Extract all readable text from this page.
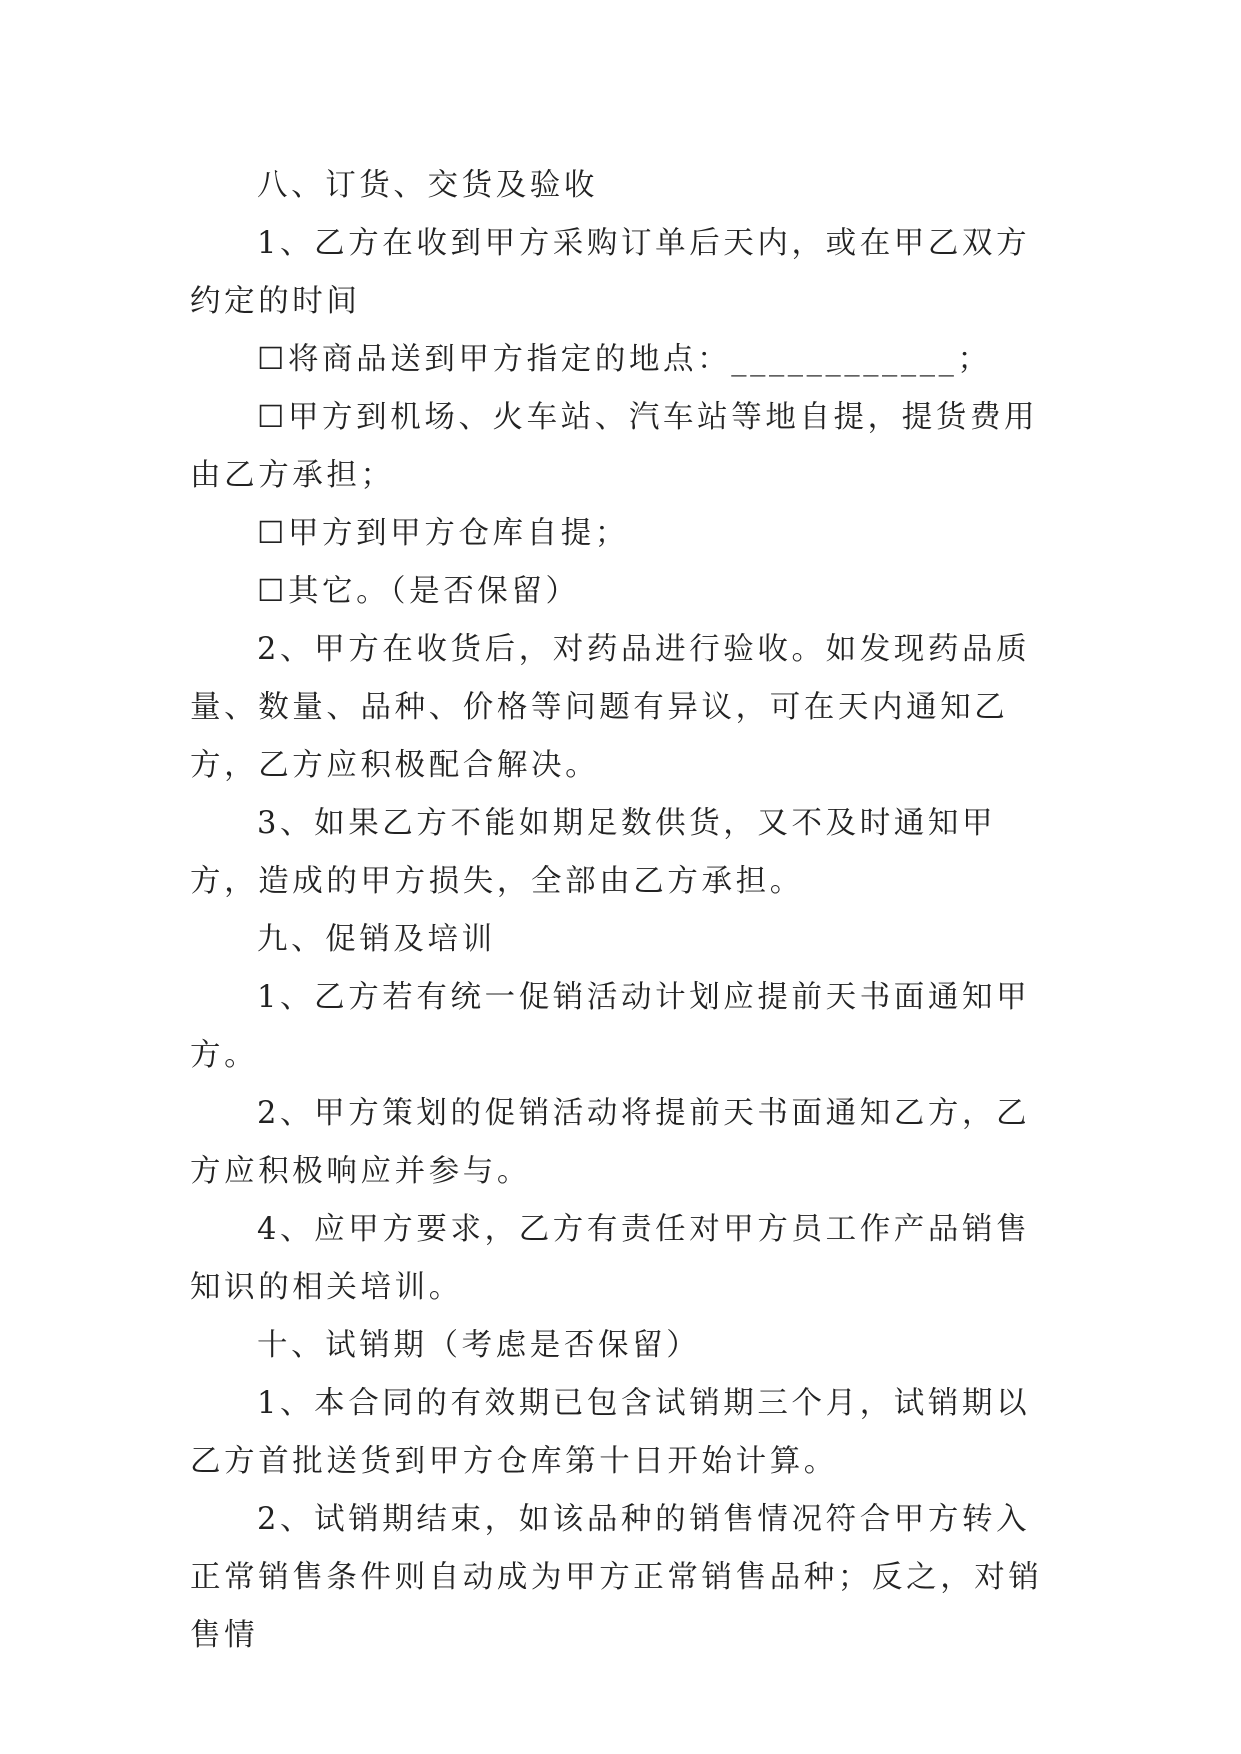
八、订货、交货及验收

1、乙方在收到甲方采购订单后天内，或在甲乙双方约定的时间

☐将商品送到甲方指定的地点：____________；

☐甲方到机场、火车站、汽车站等地自提，提货费用由乙方承担；

☐甲方到甲方仓库自提；

☐其它。（是否保留）

2、甲方在收货后，对药品进行验收。如发现药品质量、数量、品种、价格等问题有异议，可在天内通知乙方，乙方应积极配合解决。

3、如果乙方不能如期足数供货，又不及时通知甲方，造成的甲方损失，全部由乙方承担。

九、促销及培训

1、乙方若有统一促销活动计划应提前天书面通知甲方。

2、甲方策划的促销活动将提前天书面通知乙方，乙方应积极响应并参与。

4、应甲方要求，乙方有责任对甲方员工作产品销售知识的相关培训。

十、试销期（考虑是否保留）

1、本合同的有效期已包含试销期三个月，试销期以乙方首批送货到甲方仓库第十日开始计算。

2、试销期结束，如该品种的销售情况符合甲方转入正常销售条件则自动成为甲方正常销售品种；反之，对销售情
